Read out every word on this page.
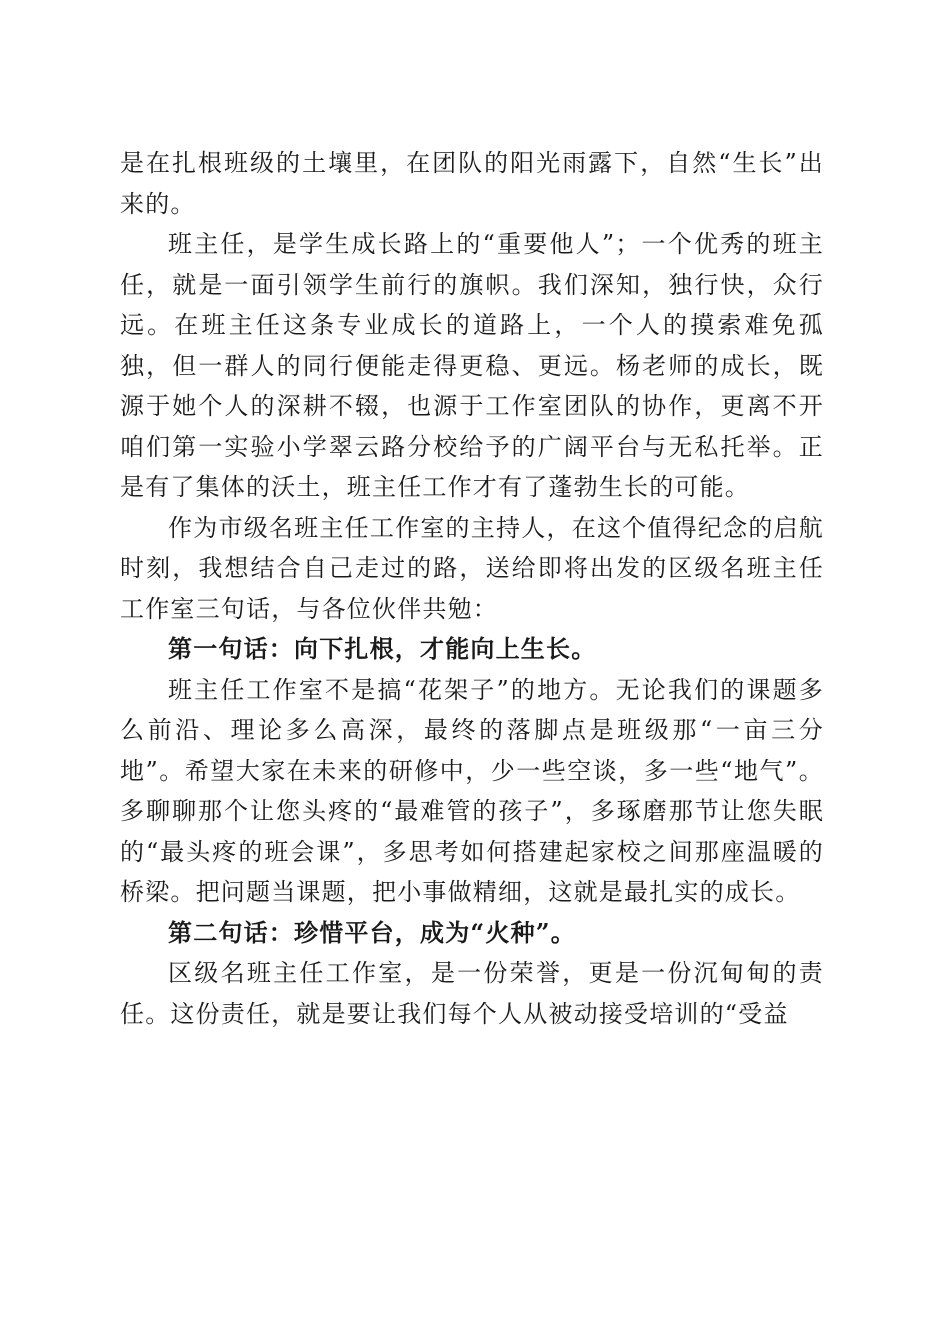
是在扎根班级的土壤里，在团队的阳光雨露下，自然“生长”出来的。

班主任，是学生成长路上的“重要他人”；一个优秀的班主任，就是一面引领学生前行的旗帜。我们深知，独行快，众行远。在班主任这条专业成长的道路上，一个人的摸索难免孤独，但一群人的同行便能走得更稳、更远。杨老师的成长，既源于她个人的深耕不辍，也源于工作室团队的协作，更离不开咱们第一实验小学翠云路分校给予的广阔平台与无私托举。正是有了集体的沃土，班主任工作才有了蓬勃生长的可能。

作为市级名班主任工作室的主持人，在这个值得纪念的启航时刻，我想结合自己走过的路，送给即将出发的区级名班主任工作室三句话，与各位伙伴共勉：

第一句话：向下扎根，才能向上生长。

班主任工作室不是搞“花架子”的地方。无论我们的课题多么前沿、理论多么高深，最终的落脚点是班级那“一亩三分地”。希望大家在未来的研修中，少一些空谈，多一些“地气”。多聊聊那个让您头疼的“最难管的孩子”，多琢磨那节让您失眠的“最头疼的班会课”，多思考如何搭建起家校之间那座温暖的桥梁。把问题当课题，把小事做精细，这就是最扎实的成长。

第二句话：珍惜平台，成为“火种”。

区级名班主任工作室，是一份荣誉，更是一份沉甸甸的责任。这份责任，就是要让我们每个人从被动接受培训的“受益
